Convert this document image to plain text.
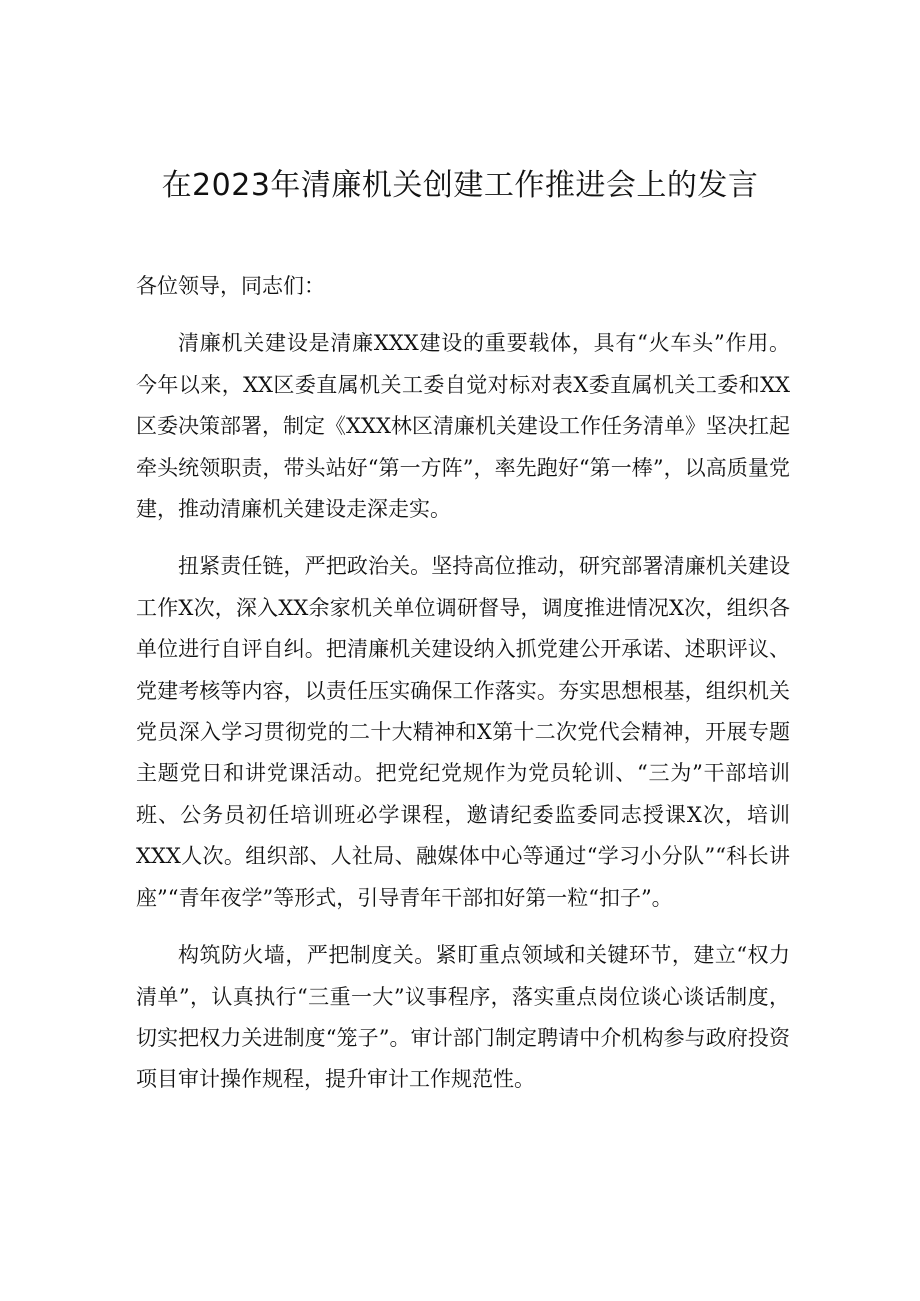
在2023年清廉机关创建工作推进会上的发言

各位领导，同志们：

清廉机关建设是清廉XXX建设的重要载体，具有“火车头”作用。今年以来，XX区委直属机关工委自觉对标对表X委直属机关工委和XX区委决策部署，制定《XXX林区清廉机关建设工作任务清单》坚决扛起牵头统领职责，带头站好“第一方阵”，率先跑好“第一棒”，以高质量党建，推动清廉机关建设走深走实。

扭紧责任链，严把政治关。坚持高位推动，研究部署清廉机关建设工作X次，深入XX余家机关单位调研督导，调度推进情况X次，组织各单位进行自评自纠。把清廉机关建设纳入抓党建公开承诺、述职评议、党建考核等内容，以责任压实确保工作落实。夯实思想根基，组织机关党员深入学习贯彻党的二十大精神和X第十二次党代会精神，开展专题主题党日和讲党课活动。把党纪党规作为党员轮训、“三为”干部培训班、公务员初任培训班必学课程，邀请纪委监委同志授课X次，培训XXX人次。组织部、人社局、融媒体中心等通过“学习小分队”“科长讲座”“青年夜学”等形式，引导青年干部扣好第一粒“扣子”。

构筑防火墙，严把制度关。紧盯重点领域和关键环节，建立“权力清单”，认真执行“三重一大”议事程序，落实重点岗位谈心谈话制度，切实把权力关进制度“笼子”。审计部门制定聘请中介机构参与政府投资项目审计操作规程，提升审计工作规范性。
